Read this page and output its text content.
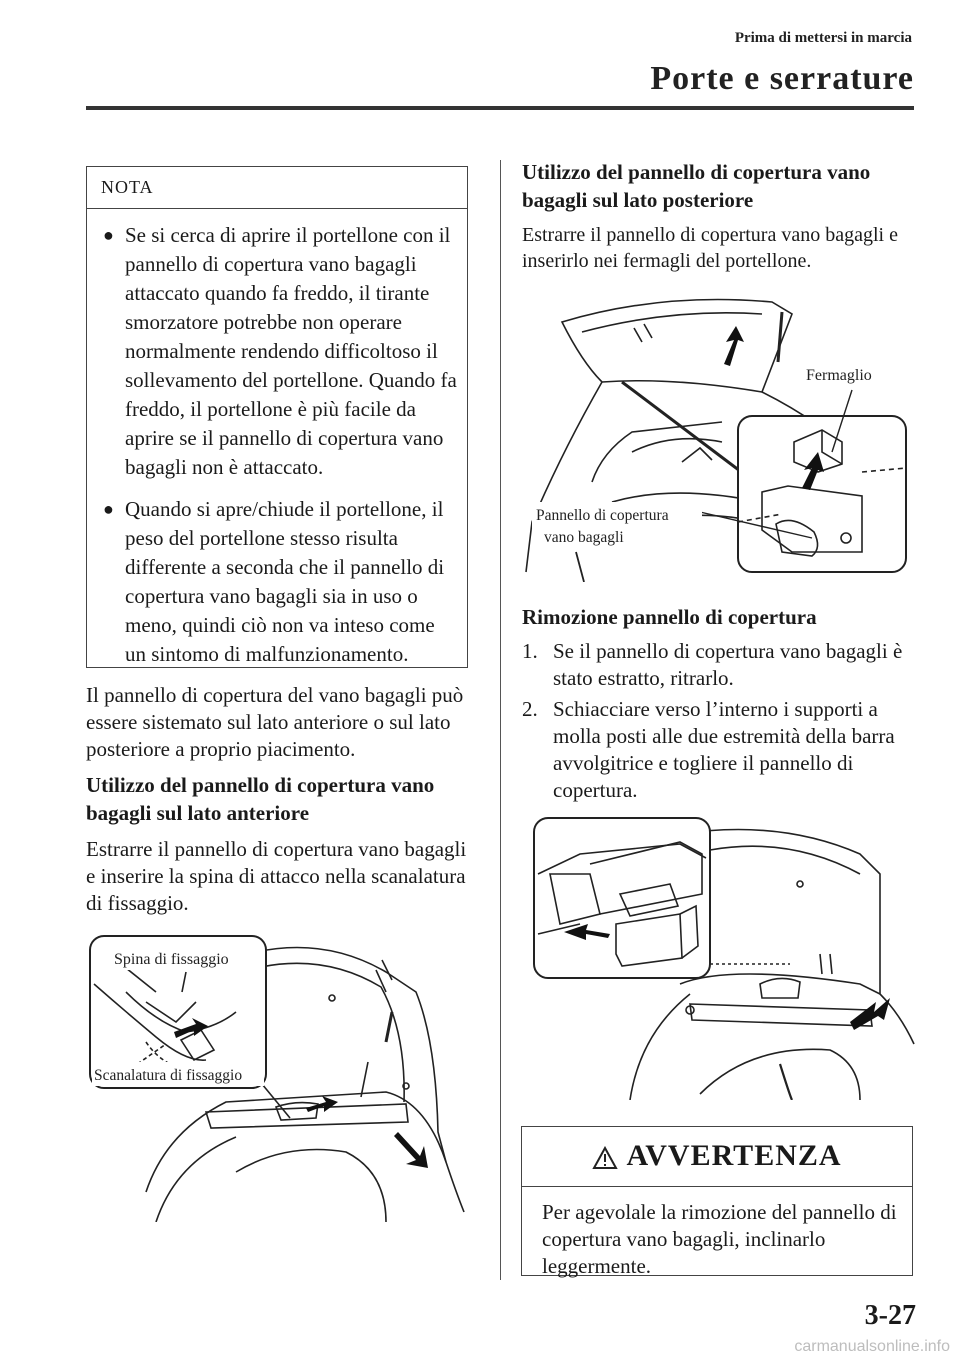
Prima di mettersi in marcia
Porte e serrature
NOTA
● Se si cerca di aprire il portellone con il pannello di copertura vano bagagli attaccato quando fa freddo, il tirante smorzatore potrebbe non operare normalmente rendendo difficoltoso il sollevamento del portellone. Quando fa freddo, il portellone è più facile da aprire se il pannello di copertura vano bagagli non è attaccato.
● Quando si apre/chiude il portellone, il peso del portellone stesso risulta differente a seconda che il pannello di copertura vano bagagli sia in uso o meno, quindi ciò non va inteso come un sintomo di malfunzionamento.

Il pannello di copertura del vano bagagli può essere sistemato sul lato anteriore o sul lato posteriore a proprio piacimento.

Utilizzo del pannello di copertura vano bagagli sul lato anteriore

Estrarre il pannello di copertura vano bagagli e inserire la spina di attacco nella scanalatura di fissaggio.

Spina di fissaggio
Scanalatura di fissaggio

Utilizzo del pannello di copertura vano bagagli sul lato posteriore

Estrarre il pannello di copertura vano bagagli e inserirlo nei fermagli del portellone.

Fermaglio
Pannello di copertura
vano bagagli

Rimozione pannello di copertura

1. Se il pannello di copertura vano bagagli è stato estratto, ritrarlo.
2. Schiacciare verso l’interno i supporti a molla posti alle due estremità della barra avvolgitrice e togliere il pannello di copertura.
AVVERTENZA
Per agevolale la rimozione del pannello di copertura vano bagagli, inclinarlo leggermente.
3-27
carmanualsonline.info
